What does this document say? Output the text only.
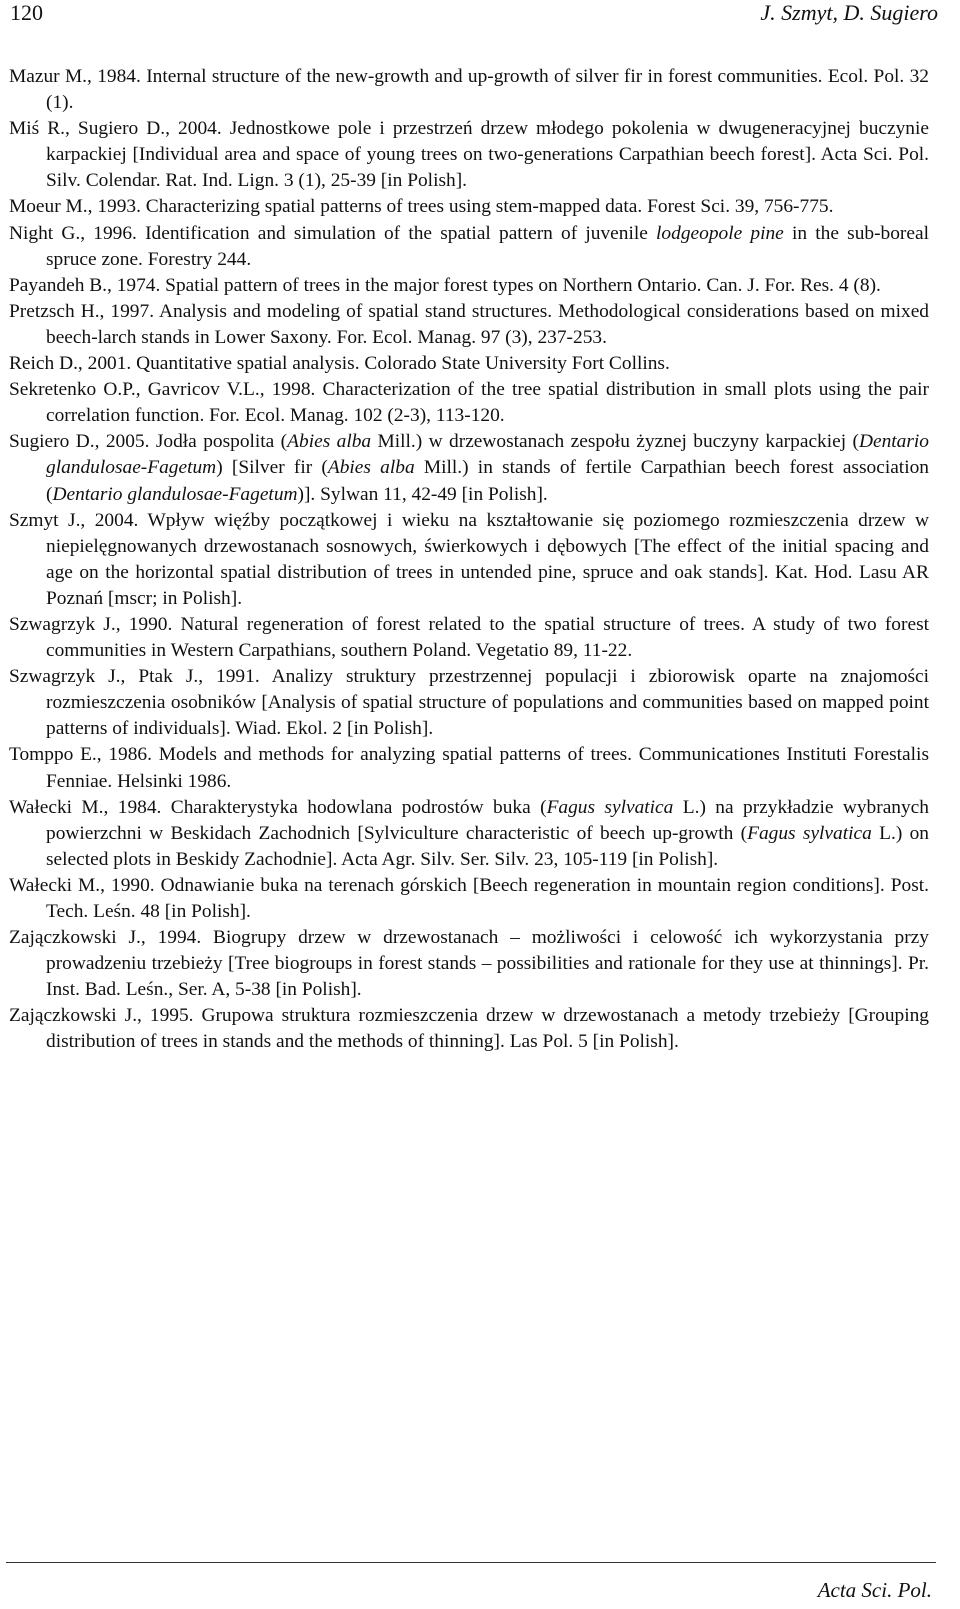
120	J. Szmyt, D. Sugiero

Mazur M., 1984. Internal structure of the new-growth and up-growth of silver fir in forest communities. Ecol. Pol. 32 (1).

Miś R., Sugiero D., 2004. Jednostkowe pole i przestrzeń drzew młodego pokolenia w dwugeneracyjnej buczynie karpackiej [Individual area and space of young trees on two-generations Carpathian beech forest]. Acta Sci. Pol. Silv. Colendar. Rat. Ind. Lign. 3 (1), 25-39 [in Polish].

Moeur M., 1993. Characterizing spatial patterns of trees using stem-mapped data. Forest Sci. 39, 756-775.

Night G., 1996. Identification and simulation of the spatial pattern of juvenile lodgeopole pine in the sub-boreal spruce zone. Forestry 244.

Payandeh B., 1974. Spatial pattern of trees in the major forest types on Northern Ontario. Can. J. For. Res. 4 (8).

Pretzsch H., 1997. Analysis and modeling of spatial stand structures. Methodological considerations based on mixed beech-larch stands in Lower Saxony. For. Ecol. Manag. 97 (3), 237-253.

Reich D., 2001. Quantitative spatial analysis. Colorado State University Fort Collins.

Sekretenko O.P., Gavricov V.L., 1998. Characterization of the tree spatial distribution in small plots using the pair correlation function. For. Ecol. Manag. 102 (2-3), 113-120.

Sugiero D., 2005. Jodła pospolita (Abies alba Mill.) w drzewostanach zespołu żyznej buczyny karpackiej (Dentario glandulosae-Fagetum) [Silver fir (Abies alba Mill.) in stands of fertile Carpathian beech forest association (Dentario glandulosae-Fagetum)]. Sylwan 11, 42-49 [in Polish].

Szmyt J., 2004. Wpływ więźby początkowej i wieku na kształtowanie się poziomego rozmieszczenia drzew w niepielęgnowanych drzewostanach sosnowych, świerkowych i dębowych [The effect of the initial spacing and age on the horizontal spatial distribution of trees in untended pine, spruce and oak stands]. Kat. Hod. Lasu AR Poznań [mscr; in Polish].

Szwagrzyk J., 1990. Natural regeneration of forest related to the spatial structure of trees. A study of two forest communities in Western Carpathians, southern Poland. Vegetatio 89, 11-22.

Szwagrzyk J., Ptak J., 1991. Analizy struktury przestrzennej populacji i zbiorowisk oparte na znajomości rozmieszczenia osobników [Analysis of spatial structure of populations and communities based on mapped point patterns of individuals]. Wiad. Ekol. 2 [in Polish].

Tomppo E., 1986. Models and methods for analyzing spatial patterns of trees. Communicationes Instituti Forestalis Fenniae. Helsinki 1986.

Wałecki M., 1984. Charakterystyka hodowlana podrostów buka (Fagus sylvatica L.) na przykładzie wybranych powierzchni w Beskidach Zachodnich [Sylviculture characteristic of beech up-growth (Fagus sylvatica L.) on selected plots in Beskidy Zachodnie]. Acta Agr. Silv. Ser. Silv. 23, 105-119 [in Polish].

Wałecki M., 1990. Odnawianie buka na terenach górskich [Beech regeneration in mountain region conditions]. Post. Tech. Leśn. 48 [in Polish].

Zajączkowski J., 1994. Biogrupy drzew w drzewostanach – możliwości i celowość ich wykorzystania przy prowadzeniu trzebieży [Tree biogroups in forest stands – possibilities and rationale for they use at thinnings]. Pr. Inst. Bad. Leśn., Ser. A, 5-38 [in Polish].

Zajączkowski J., 1995. Grupowa struktura rozmieszczenia drzew w drzewostanach a metody trzebieży [Grouping distribution of trees in stands and the methods of thinning]. Las Pol. 5 [in Polish].

Acta Sci. Pol.
